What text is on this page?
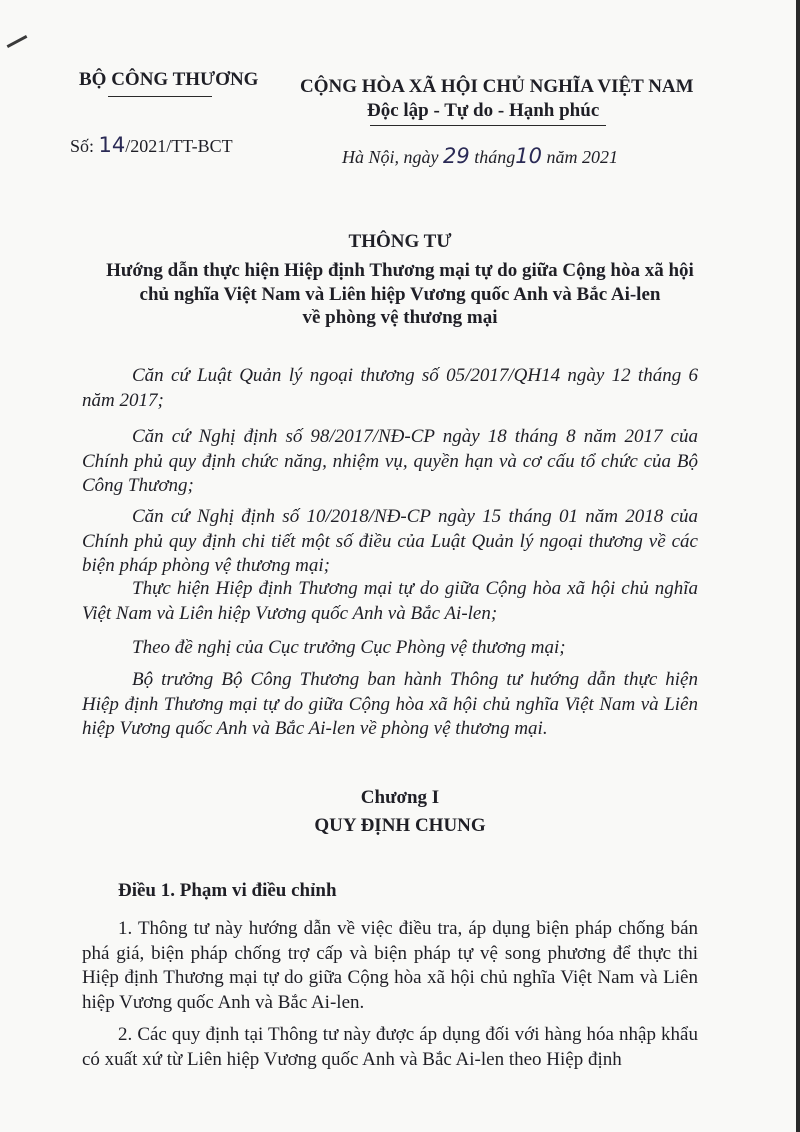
BỘ CÔNG THƯƠNG CỘNG HÒA XÃ HỘI CHỦ NGHĨA VIỆT NAM
Độc lập - Tự do - Hạnh phúc
Số: 14/2021/TT-BCT
Hà Nội, ngày 29 tháng10 năm 2021
THÔNG TƯ
Hướng dẫn thực hiện Hiệp định Thương mại tự do giữa Cộng hòa xã hội
chủ nghĩa Việt Nam và Liên hiệp Vương quốc Anh và Bắc Ai-len
về phòng vệ thương mại
Căn cứ Luật Quản lý ngoại thương số 05/2017/QH14 ngày 12 tháng 6 năm 2017;
Căn cứ Nghị định số 98/2017/NĐ-CP ngày 18 tháng 8 năm 2017 của Chính phủ quy định chức năng, nhiệm vụ, quyền hạn và cơ cấu tổ chức của Bộ Công Thương;
Căn cứ Nghị định số 10/2018/NĐ-CP ngày 15 tháng 01 năm 2018 của Chính phủ quy định chi tiết một số điều của Luật Quản lý ngoại thương về các biện pháp phòng vệ thương mại;
Thực hiện Hiệp định Thương mại tự do giữa Cộng hòa xã hội chủ nghĩa Việt Nam và Liên hiệp Vương quốc Anh và Bắc Ai-len;
Theo đề nghị của Cục trưởng Cục Phòng vệ thương mại;
Bộ trưởng Bộ Công Thương ban hành Thông tư hướng dẫn thực hiện Hiệp định Thương mại tự do giữa Cộng hòa xã hội chủ nghĩa Việt Nam và Liên hiệp Vương quốc Anh và Bắc Ai-len về phòng vệ thương mại.
Chương I
QUY ĐỊNH CHUNG
Điều 1. Phạm vi điều chỉnh
1. Thông tư này hướng dẫn về việc điều tra, áp dụng biện pháp chống bán phá giá, biện pháp chống trợ cấp và biện pháp tự vệ song phương để thực thi Hiệp định Thương mại tự do giữa Cộng hòa xã hội chủ nghĩa Việt Nam và Liên hiệp Vương quốc Anh và Bắc Ai-len.
2. Các quy định tại Thông tư này được áp dụng đối với hàng hóa nhập khẩu có xuất xứ từ Liên hiệp Vương quốc Anh và Bắc Ai-len theo Hiệp định
